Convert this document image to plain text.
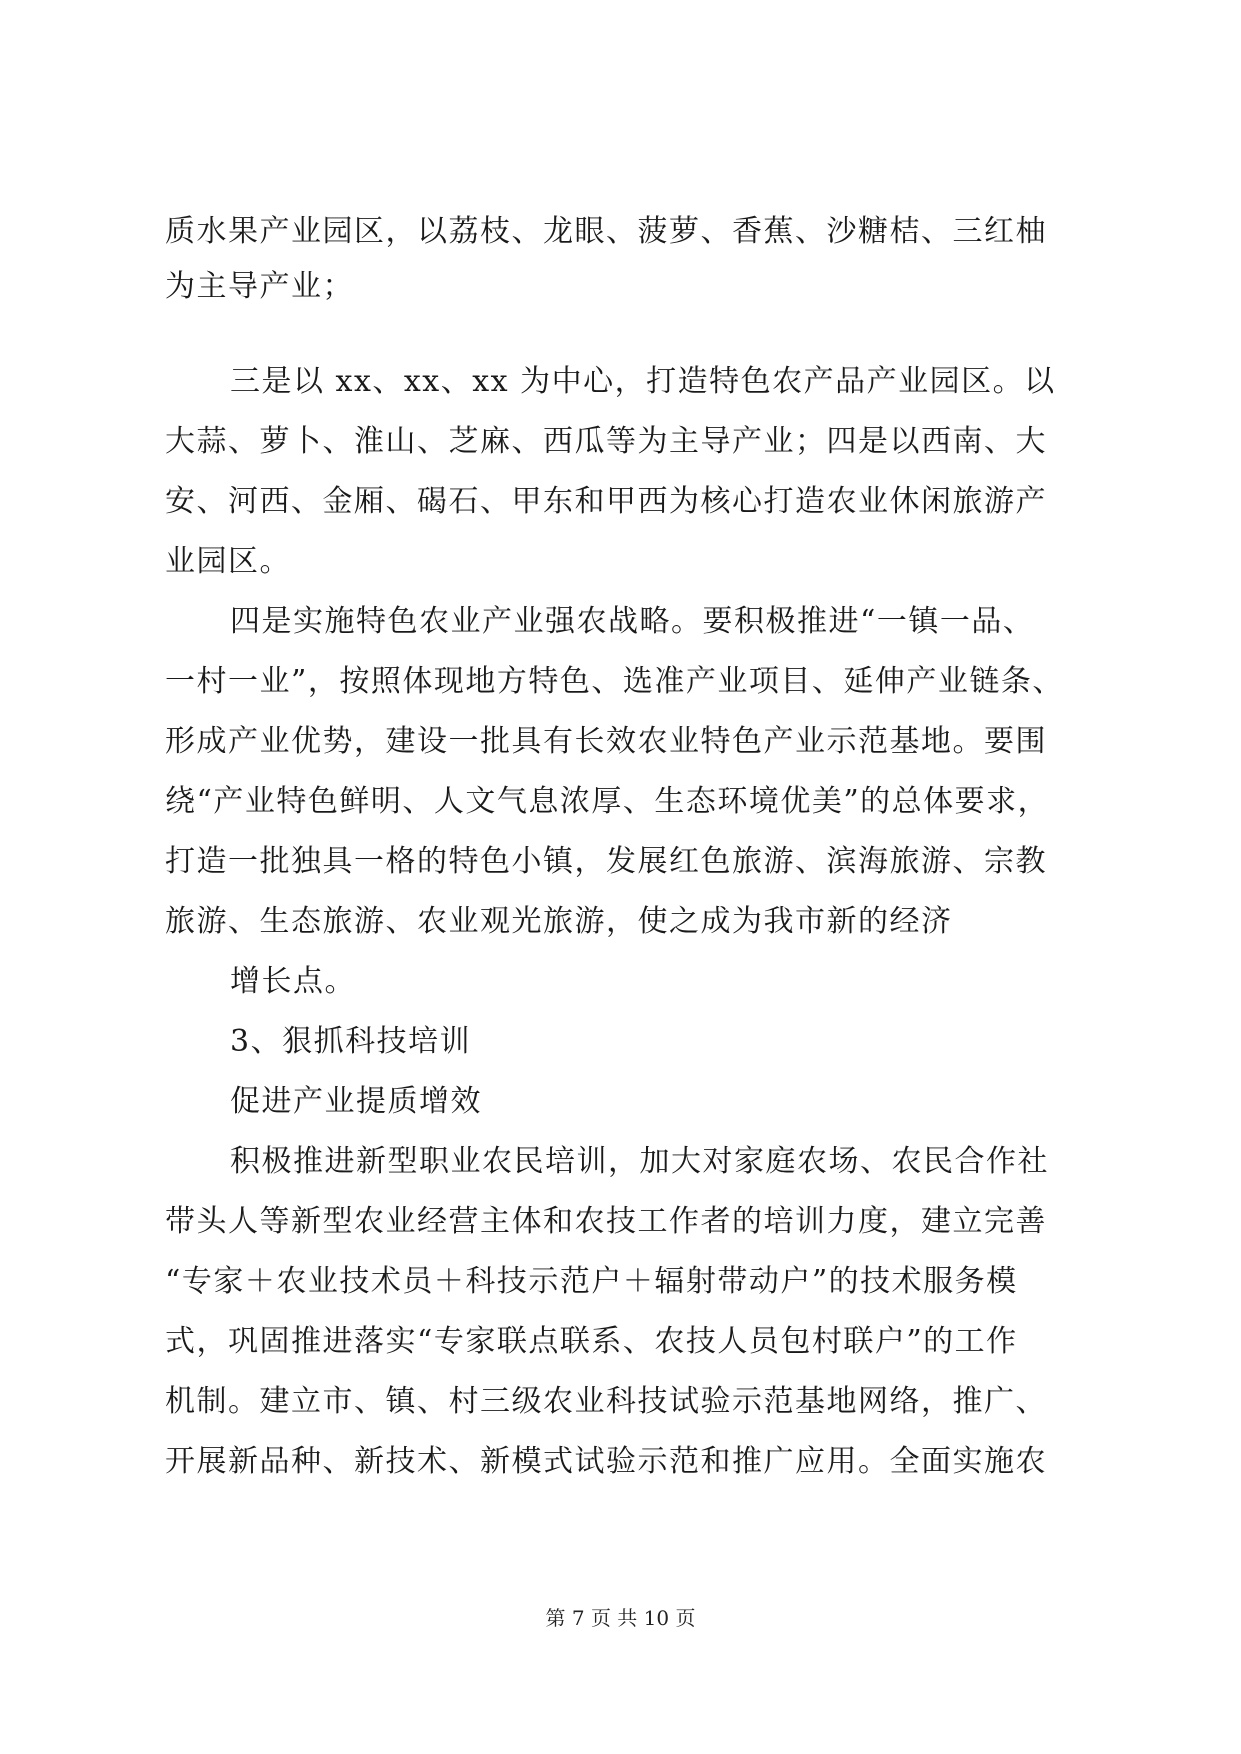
质水果产业园区，以荔枝、龙眼、菠萝、香蕉、沙糖桔、三红柚

为主导产业；

三是以 xx、xx、xx 为中心，打造特色农产品产业园区。以

大蒜、萝卜、淮山、芝麻、西瓜等为主导产业；四是以西南、大

安、河西、金厢、碣石、甲东和甲西为核心打造农业休闲旅游产

业园区。

四是实施特色农业产业强农战略。要积极推进“一镇一品、

一村一业”，按照体现地方特色、选准产业项目、延伸产业链条、

形成产业优势，建设一批具有长效农业特色产业示范基地。要围

绕“产业特色鲜明、人文气息浓厚、生态环境优美”的总体要求，

打造一批独具一格的特色小镇，发展红色旅游、滨海旅游、宗教

旅游、生态旅游、农业观光旅游，使之成为我市新的经济

增长点。

3、狠抓科技培训

促进产业提质增效

积极推进新型职业农民培训，加大对家庭农场、农民合作社

带头人等新型农业经营主体和农技工作者的培训力度，建立完善

“专家＋农业技术员＋科技示范户＋辐射带动户”的技术服务模

式，巩固推进落实“专家联点联系、农技人员包村联户”的工作

机制。建立市、镇、村三级农业科技试验示范基地网络，推广、

开展新品种、新技术、新模式试验示范和推广应用。全面实施农

第 7 页 共 10 页
